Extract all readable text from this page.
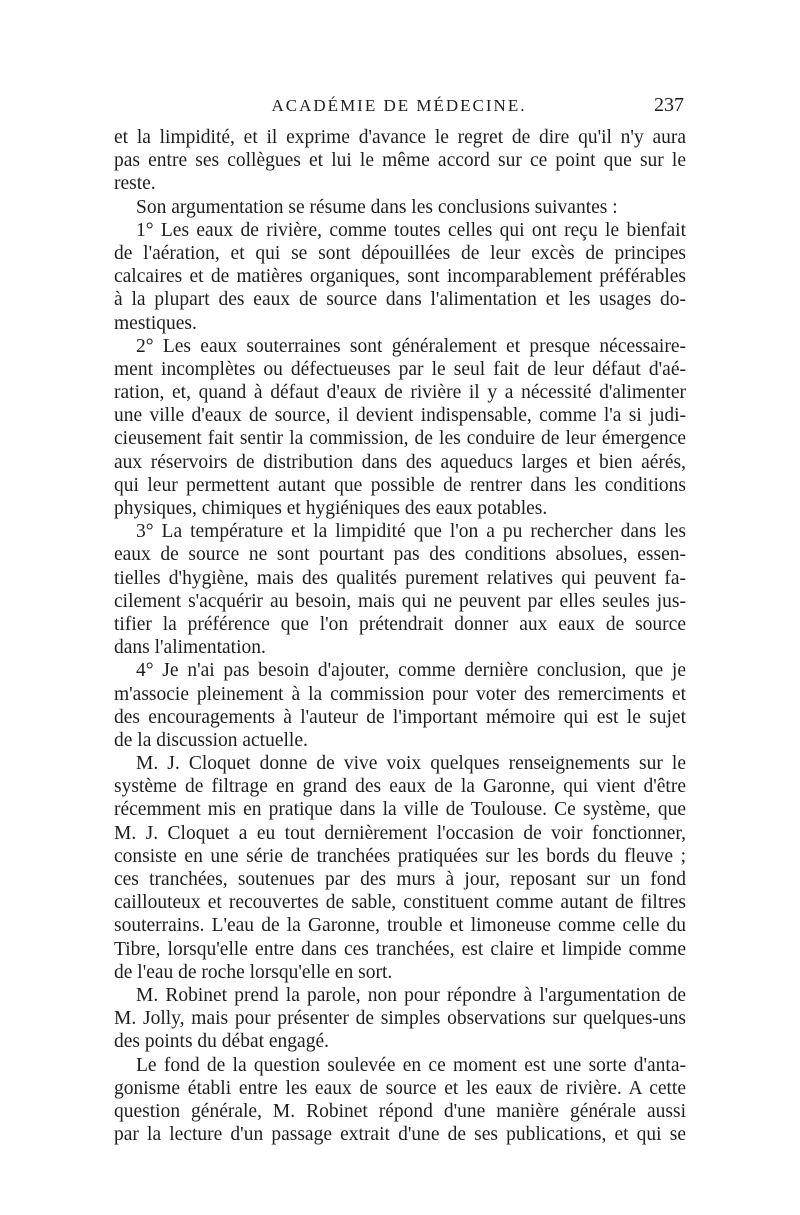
ACADÉMIE DE MÉDECINE.	237
et la limpidité, et il exprime d'avance le regret de dire qu'il n'y aura
pas entre ses collègues et lui le même accord sur ce point que sur le
reste.
Son argumentation se résume dans les conclusions suivantes :
1° Les eaux de rivière, comme toutes celles qui ont reçu le bienfait
de l'aération, et qui se sont dépouillées de leur excès de principes
calcaires et de matières organiques, sont incomparablement préférables
à la plupart des eaux de source dans l'alimentation et les usages do-
mestiques.
2° Les eaux souterraines sont généralement et presque nécessaire-
ment incomplètes ou défectueuses par le seul fait de leur défaut d'aé-
ration, et, quand à défaut d'eaux de rivière il y a nécessité d'alimenter
une ville d'eaux de source, il devient indispensable, comme l'a si judi-
cieusement fait sentir la commission, de les conduire de leur émergence
aux réservoirs de distribution dans des aqueducs larges et bien aérés,
qui leur permettent autant que possible de rentrer dans les conditions
physiques, chimiques et hygiéniques des eaux potables.
3° La température et la limpidité que l'on a pu rechercher dans les
eaux de source ne sont pourtant pas des conditions absolues, essen-
tielles d'hygiène, mais des qualités purement relatives qui peuvent fa-
cilement s'acquérir au besoin, mais qui ne peuvent par elles seules jus-
tifier la préférence que l'on prétendrait donner aux eaux de source
dans l'alimentation.
4° Je n'ai pas besoin d'ajouter, comme dernière conclusion, que je
m'associe pleinement à la commission pour voter des remerciments et
des encouragements à l'auteur de l'important mémoire qui est le sujet
de la discussion actuelle.
M. J. Cloquet donne de vive voix quelques renseignements sur le
système de filtrage en grand des eaux de la Garonne, qui vient d'être
récemment mis en pratique dans la ville de Toulouse. Ce système, que
M. J. Cloquet a eu tout dernièrement l'occasion de voir fonctionner,
consiste en une série de tranchées pratiquées sur les bords du fleuve ;
ces tranchées, soutenues par des murs à jour, reposant sur un fond
caillouteux et recouvertes de sable, constituent comme autant de filtres
souterrains. L'eau de la Garonne, trouble et limoneuse comme celle du
Tibre, lorsqu'elle entre dans ces tranchées, est claire et limpide comme
de l'eau de roche lorsqu'elle en sort.
M. Robinet prend la parole, non pour répondre à l'argumentation de
M. Jolly, mais pour présenter de simples observations sur quelques-uns
des points du débat engagé.
Le fond de la question soulevée en ce moment est une sorte d'anta-
gonisme établi entre les eaux de source et les eaux de rivière. A cette
question générale, M. Robinet répond d'une manière générale aussi
par la lecture d'un passage extrait d'une de ses publications, et qui se
